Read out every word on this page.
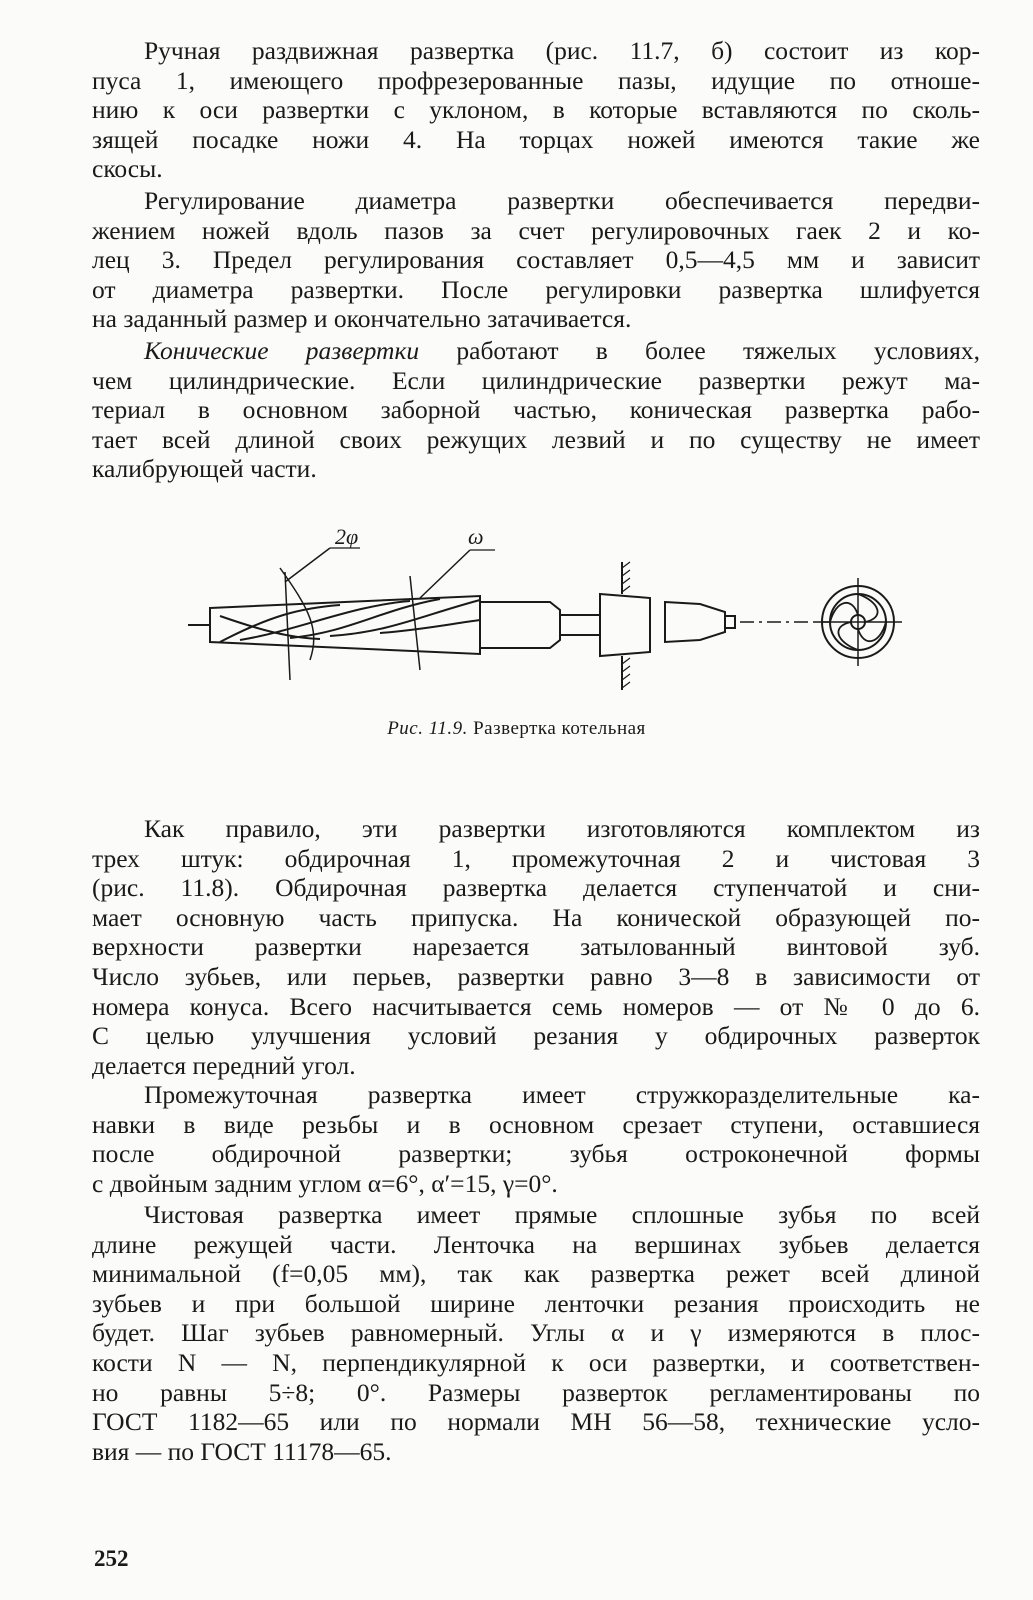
Ручная раздвижная развертка (рис. 11.7, б) состоит из кор-
пуса 1, имеющего профрезерованные пазы, идущие по отноше-
нию к оси развертки с уклоном, в которые вставляются по сколь-
зящей посадке ножи 4. На торцах ножей имеются такие же
скосы.

Регулирование диаметра развертки обеспечивается передви-
жением ножей вдоль пазов за счет регулировочных гаек 2 и ко-
лец 3. Предел регулирования составляет 0,5—4,5 мм и зависит
от диаметра развертки. После регулировки развертка шлифуется
на заданный размер и окончательно затачивается.

Конические развертки работают в более тяжелых условиях,
чем цилиндрические. Если цилиндрические развертки режут ма-
териал в основном заборной частью, коническая развертка рабо-
тает всей длиной своих режущих лезвий и по существу не имеет
калибрующей части.

2φ	ω
Рис. 11.9. Развертка котельная

Как правило, эти развертки изготовляются комплектом из
трех штук: обдирочная 1, промежуточная 2 и чистовая 3
(рис. 11.8). Обдирочная развертка делается ступенчатой и сни-
мает основную часть припуска. На конической образующей по-
верхности развертки нарезается затылованный винтовой зуб.
Число зубьев, или перьев, развертки равно 3—8 в зависимости от
номера конуса. Всего насчитывается семь номеров — от № 0 до 6.
С целью улучшения условий резания у обдирочных разверток
делается передний угол.

Промежуточная развертка имеет стружкоразделительные ка-
навки в виде резьбы и в основном срезает ступени, оставшиеся
после обдирочной развертки; зубья остроконечной формы
с двойным задним углом α=6°, α′=15, γ=0°.

Чистовая развертка имеет прямые сплошные зубья по всей
длине режущей части. Ленточка на вершинах зубьев делается
минимальной (f=0,05 мм), так как развертка режет всей длиной
зубьев и при большой ширине ленточки резания происходить не
будет. Шаг зубьев равномерный. Углы α и γ измеряются в плос-
кости N — N, перпендикулярной к оси развертки, и соответствен-
но равны 5÷8; 0°. Размеры разверток регламентированы по
ГОСТ 1182—65 или по нормали МН 56—58, технические усло-
вия — по ГОСТ 11178—65.

252
